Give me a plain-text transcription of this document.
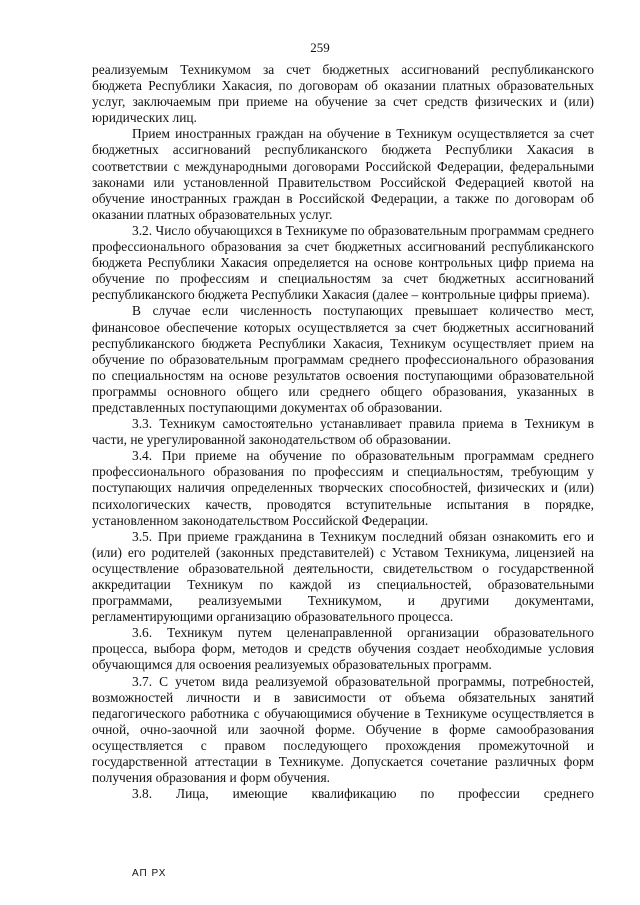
259

реализуемым Техникумом за счет бюджетных ассигнований республиканского бюджета Республики Хакасия, по договорам об оказании платных образовательных услуг, заключаемым при приеме на обучение за счет средств физических и (или) юридических лиц.

Прием иностранных граждан на обучение в Техникум осуществляется за счет бюджетных ассигнований республиканского бюджета Республики Хакасия в соответствии с международными договорами Российской Федерации, федеральными законами или установленной Правительством Российской Федерацией квотой на обучение иностранных граждан в Российской Федерации, а также по договорам об оказании платных образовательных услуг.

3.2. Число обучающихся в Техникуме по образовательным программам среднего профессионального образования за счет бюджетных ассигнований республиканского бюджета Республики Хакасия определяется на основе контрольных цифр приема на обучение по профессиям и специальностям за счет бюджетных ассигнований республиканского бюджета Республики Хакасия (далее – контрольные цифры приема).

В случае если численность поступающих превышает количество мест, финансовое обеспечение которых осуществляется за счет бюджетных ассигнований республиканского бюджета Республики Хакасия, Техникум осуществляет прием на обучение по образовательным программам среднего профессионального образования по специальностям на основе результатов освоения поступающими образовательной программы основного общего или среднего общего образования, указанных в представленных поступающими документах об образовании.

3.3. Техникум самостоятельно устанавливает правила приема в Техникум в части, не урегулированной законодательством об образовании.

3.4. При приеме на обучение по образовательным программам среднего профессионального образования по профессиям и специальностям, требующим у поступающих наличия определенных творческих способностей, физических и (или) психологических качеств, проводятся вступительные испытания в порядке, установленном законодательством Российской Федерации.

3.5. При приеме гражданина в Техникум последний обязан ознакомить его и (или) его родителей (законных представителей) с Уставом Техникума, лицензией на осуществление образовательной деятельности, свидетельством о государственной аккредитации Техникум по каждой из специальностей, образовательными программами, реализуемыми Техникумом, и другими документами, регламентирующими организацию образовательного процесса.

3.6. Техникум путем целенаправленной организации образовательного процесса, выбора форм, методов и средств обучения создает необходимые условия обучающимся для освоения реализуемых образовательных программ.

3.7. С учетом вида реализуемой образовательной программы, потребностей, возможностей личности и в зависимости от объема обязательных занятий педагогического работника с обучающимися обучение в Техникуме осуществляется в очной, очно-заочной или заочной форме. Обучение в форме самообразования осуществляется с правом последующего прохождения промежуточной и государственной аттестации в Техникуме. Допускается сочетание различных форм получения образования и форм обучения.

3.8. Лица, имеющие квалификацию по профессии среднего

АП РХ
